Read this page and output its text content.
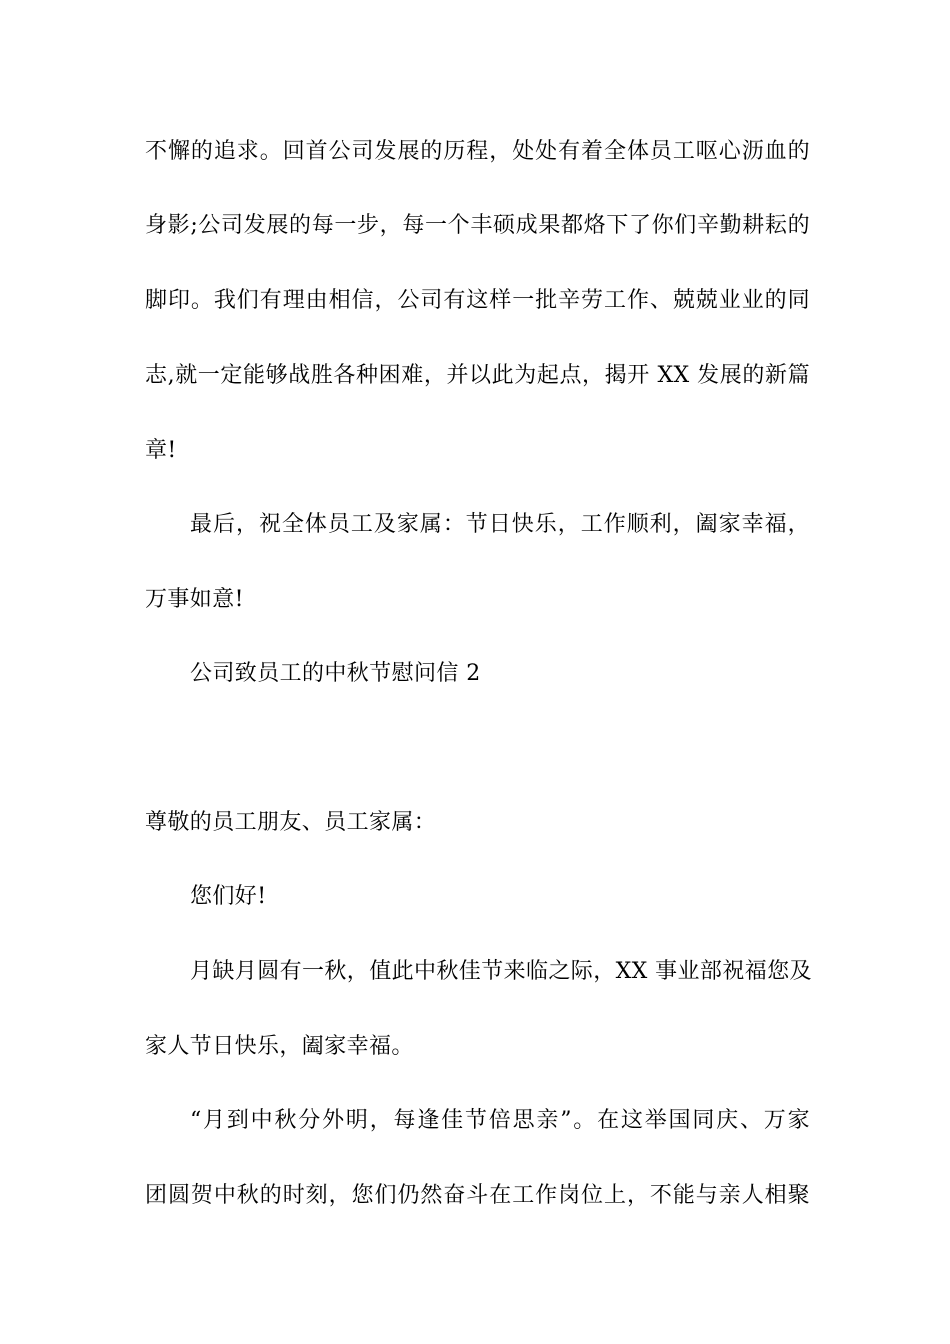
不懈的追求。回首公司发展的历程，处处有着全体员工呕心沥血的
身影;公司发展的每一步，每一个丰硕成果都烙下了你们辛勤耕耘的
脚印。我们有理由相信，公司有这样一批辛劳工作、兢兢业业的同
志,就一定能够战胜各种困难，并以此为起点，揭开 XX 发展的新篇
章!
最后，祝全体员工及家属：节日快乐，工作顺利，阖家幸福，
万事如意!
公司致员工的中秋节慰问信 2
尊敬的员工朋友、员工家属：
您们好!
月缺月圆有一秋，值此中秋佳节来临之际，XX 事业部祝福您及
家人节日快乐，阖家幸福。
“月到中秋分外明，每逢佳节倍思亲”。在这举国同庆、万家
团圆贺中秋的时刻，您们仍然奋斗在工作岗位上，不能与亲人相聚
